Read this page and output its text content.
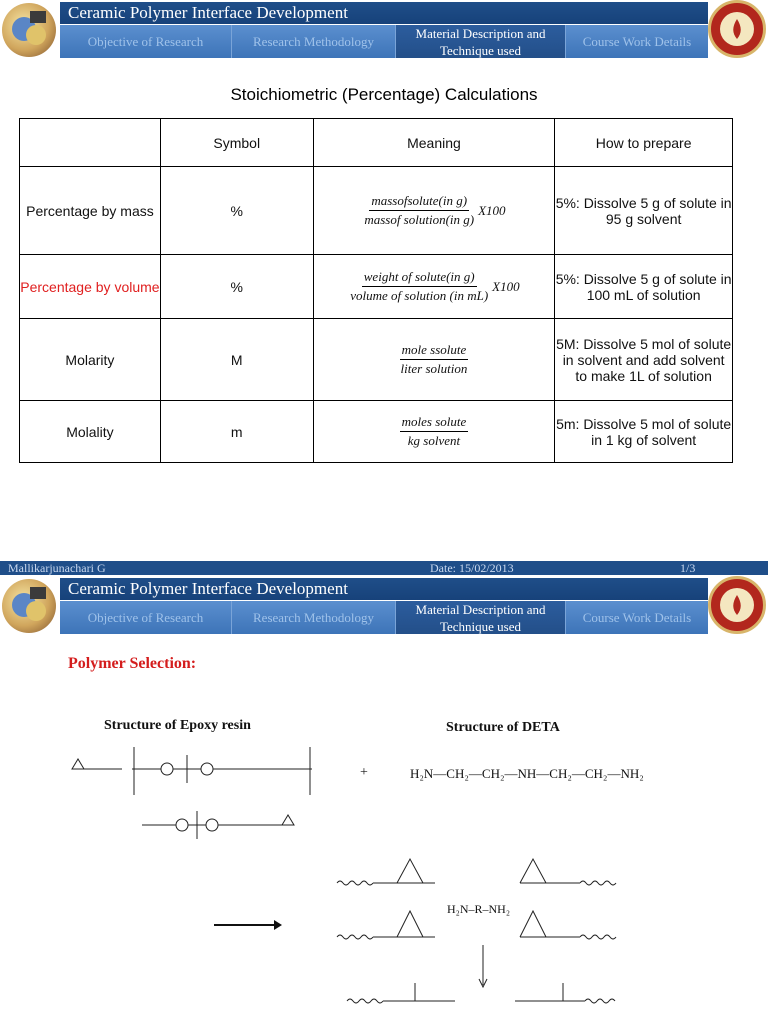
Ceramic Polymer Interface Development
Objective of Research	Research Methodology
Material Description and Technique used
Course Work Details
Stoichiometric (Percentage) Calculations
	Symbol	Meaning	How to prepare
Percentage by mass	%	$\frac{\text{massofsolute(in g)}}{\text{massof solution(in g)}} X100$	5%: Dissolve 5 g of solute in 95 g solvent
Percentage by volume	%	$\frac{\text{weight of solute(in g)}}{\text{volume of solution (in mL)}} X100$	5%: Dissolve 5 g of solute in 100 mL of solution
Molarity	M	$\frac{\text{mole ssolute}}{\text{liter solution}}$	5M: Dissolve 5 mol of solute in solvent and add solvent to make 1L of solution
Molality	m	$\frac{\text{moles solute}}{\text{kg solvent}}$	5m: Dissolve 5 mol of solute in 1 kg of solvent
Mallikarjunachari G	Date: 15/02/2013	1/3
Ceramic Polymer Interface Development
Objective of Research	Research Methodology
Material Description and Technique used
Course Work Details
Polymer Selection:
Structure of Epoxy resin	Structure of DETA
+	H₂N—CH₂—CH₂—NH—CH₂—CH₂—NH₂
H₂N–R–NH₂
